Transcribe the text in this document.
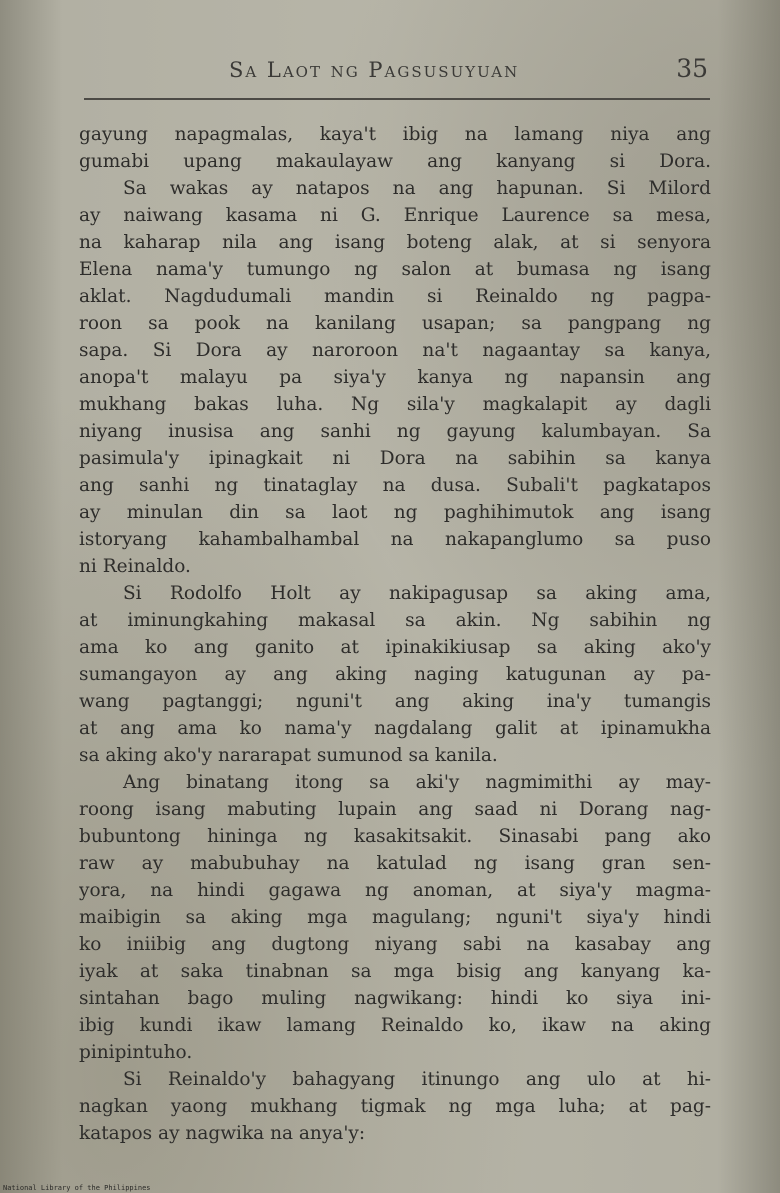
Sa Laot ng Pagsusuyuan	35
gayung napagmalas, kaya't ibig na lamang niya ang
gumabi upang makaulayaw ang kanyang si Dora.
Sa wakas ay natapos na ang hapunan. Si Milord
ay naiwang kasama ni G. Enrique Laurence sa mesa,
na kaharap nila ang isang boteng alak, at si senyora
Elena nama'y tumungo ng salon at bumasa ng isang
aklat. Nagdudumali mandin si Reinaldo ng pagpa-
roon sa pook na kanilang usapan; sa pangpang ng
sapa. Si Dora ay naroroon na't nagaantay sa kanya,
anopa't malayu pa siya'y kanya ng napansin ang
mukhang bakas luha. Ng sila'y magkalapit ay dagli
niyang inusisa ang sanhi ng gayung kalumbayan. Sa
pasimula'y ipinagkait ni Dora na sabihin sa kanya
ang sanhi ng tinataglay na dusa. Subali't pagkatapos
ay minulan din sa laot ng paghihimutok ang isang
istoryang kahambalhambal na nakapanglumo sa puso
ni Reinaldo.
Si Rodolfo Holt ay nakipagusap sa aking ama,
at iminungkahing makasal sa akin. Ng sabihin ng
ama ko ang ganito at ipinakikiusap sa aking ako'y
sumangayon ay ang aking naging katugunan ay pa-
wang pagtanggi; nguni't ang aking ina'y tumangis
at ang ama ko nama'y nagdalang galit at ipinamukha
sa aking ako'y nararapat sumunod sa kanila.
Ang binatang itong sa aki'y nagmimithi ay may-
roong isang mabuting lupain ang saad ni Dorang nag-
bubuntong hininga ng kasakitsakit. Sinasabi pang ako
raw ay mabubuhay na katulad ng isang gran sen-
yora, na hindi gagawa ng anoman, at siya'y magma-
maibigin sa aking mga magulang; nguni't siya'y hindi
ko iniibig ang dugtong niyang sabi na kasabay ang
iyak at saka tinabnan sa mga bisig ang kanyang ka-
sintahan bago muling nagwikang: hindi ko siya ini-
ibig kundi ikaw lamang Reinaldo ko, ikaw na aking
pinipintuho.
Si Reinaldo'y bahagyang itinungo ang ulo at hi-
nagkan yaong mukhang tigmak ng mga luha; at pag-
katapos ay nagwika na anya'y:
National Library of the Philippines
